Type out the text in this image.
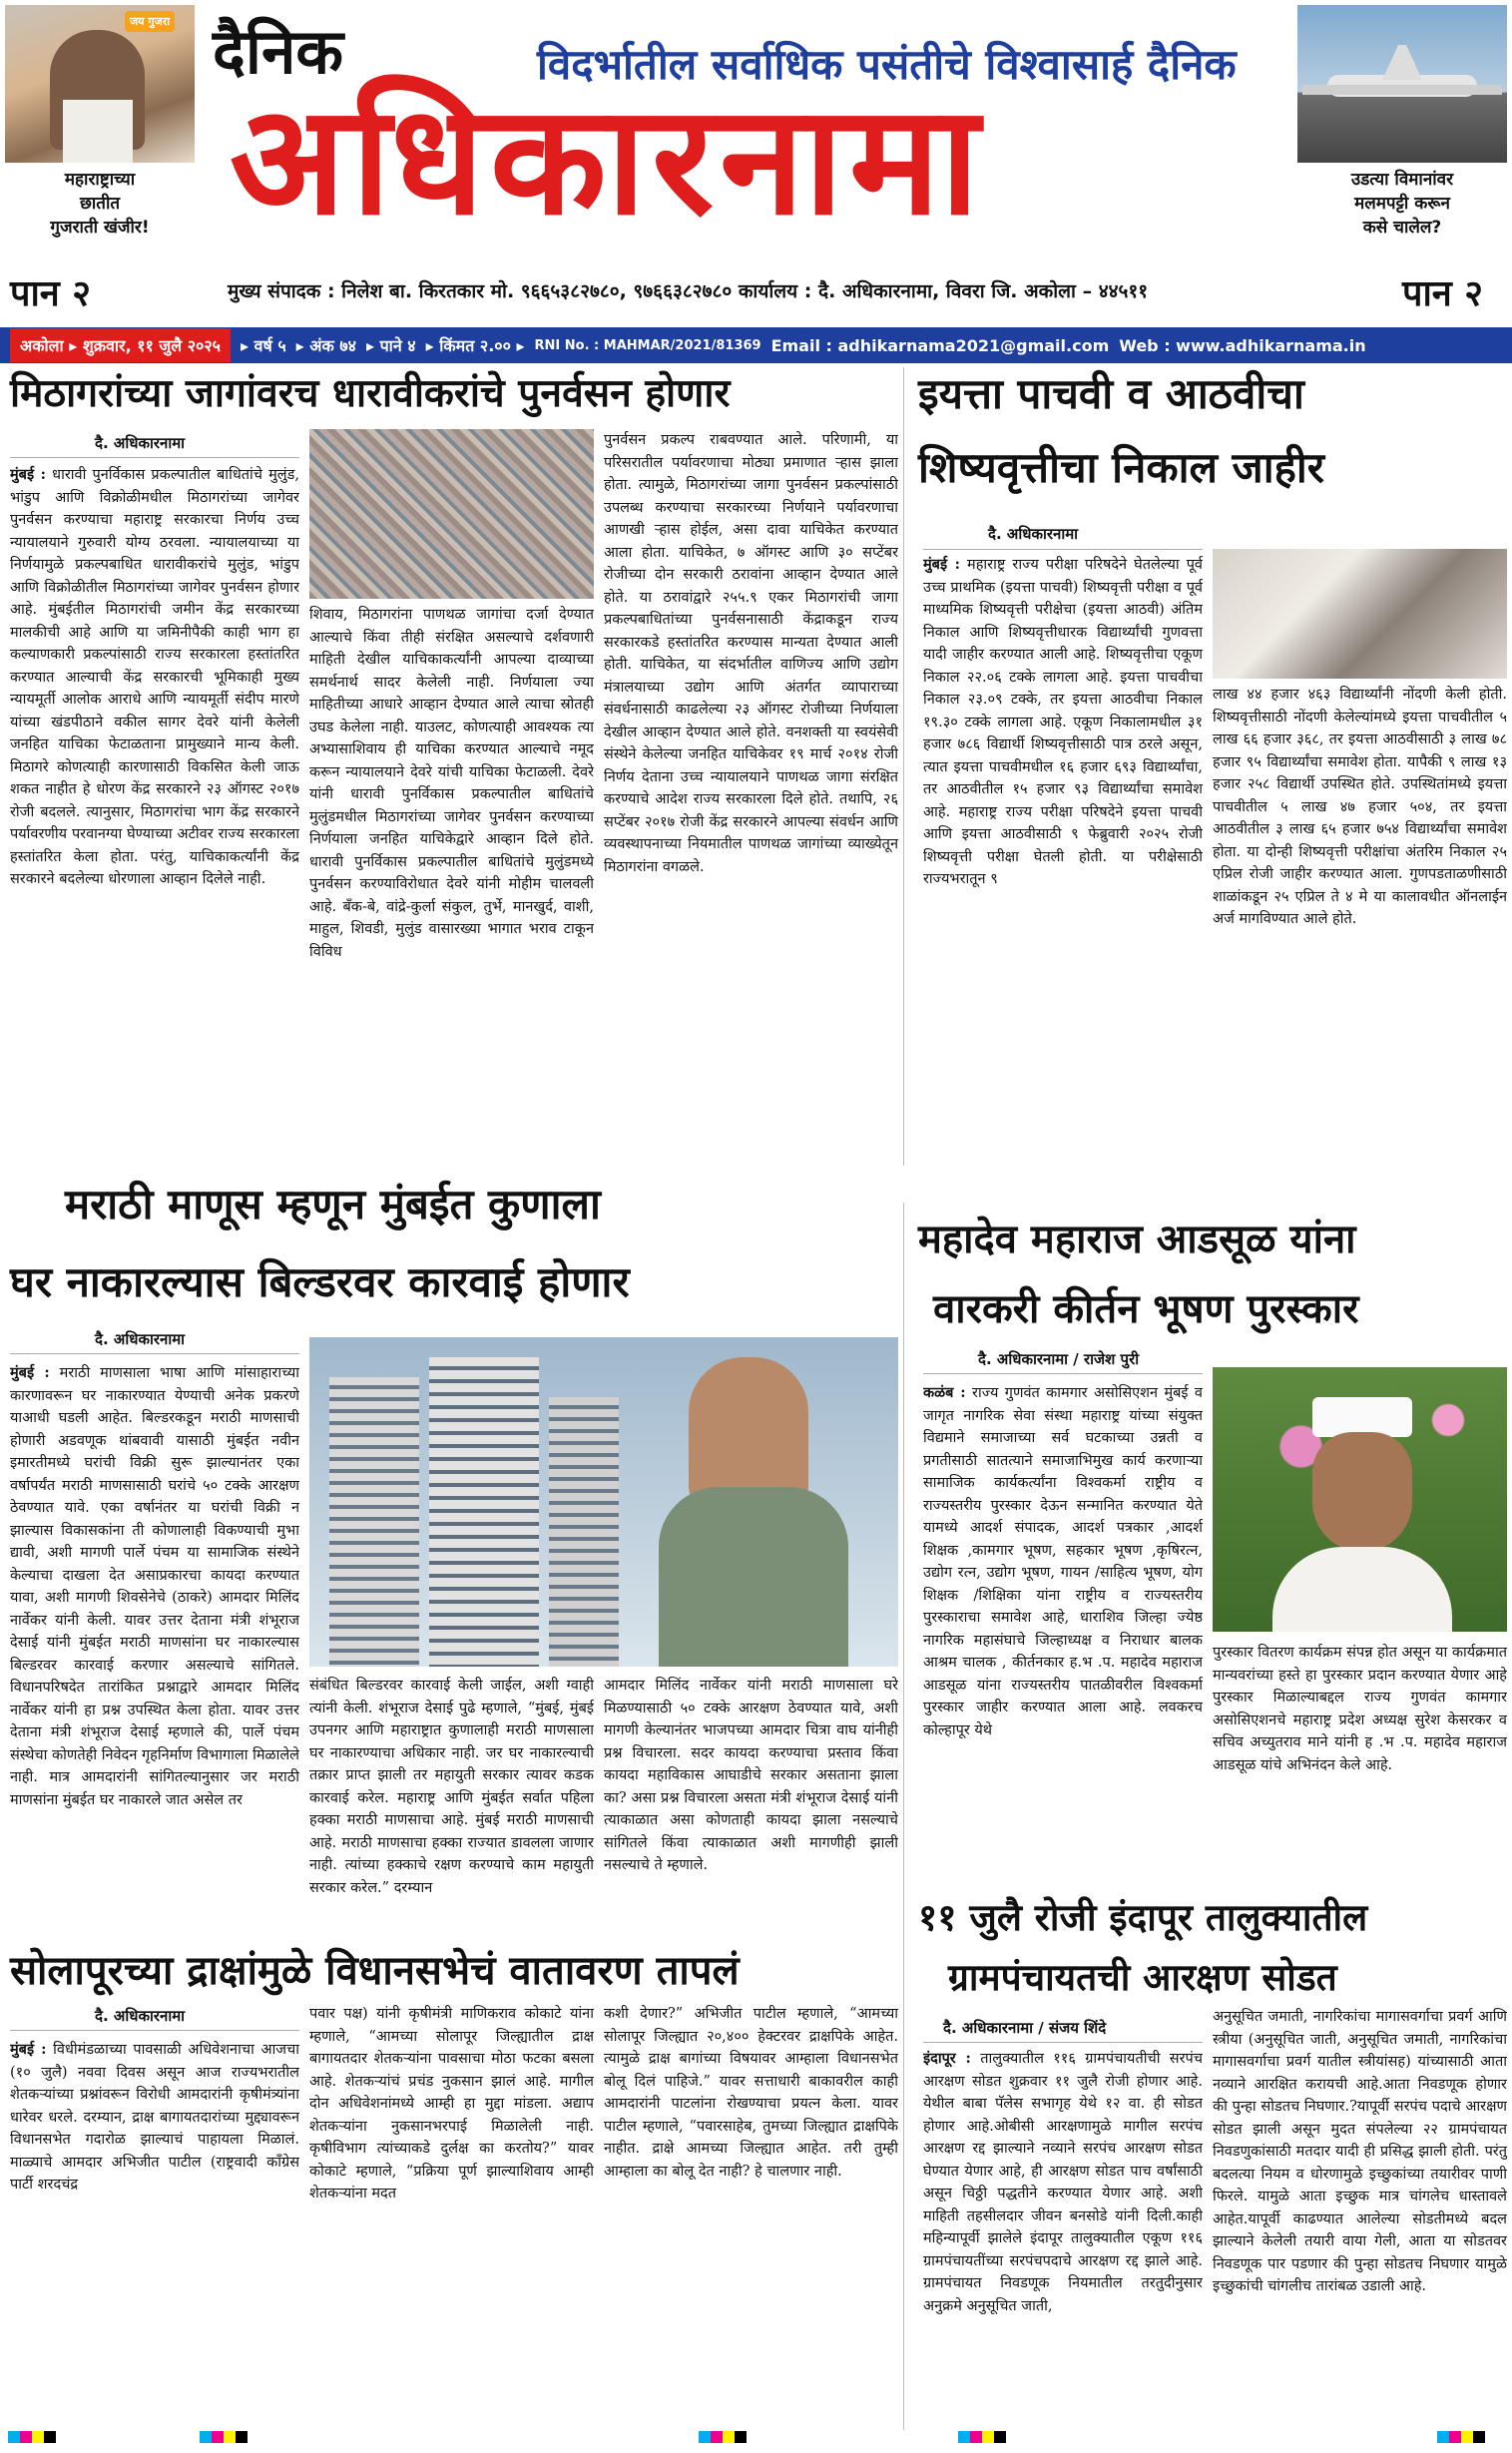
जय गुजरा
महाराष्ट्राच्या
छातीत
गुजराती खंजीर!
दैनिक	विदर्भातील सर्वाधिक पसंतीचे विश्वासार्ह दैनिक
अधिकारनामा	उडत्या विमानांवर
मलमपट्टी करून
कसे चालेल?
पान २	मुख्य संपादक : निलेश बा. किरतकार मो. ९६६५३८२७८०, ९७६६३८२७८० कार्यालय : दै. अधिकारनामा, विवरा जि. अकोला – ४४५११	पान २
अकोला ▸ शुक्रवार, ११ जुलै २०२५	▸ वर्ष ५ ▸ अंक ७४ ▸ पाने ४ ▸ किंमत २.०० ▸ RNI No. : MAHMAR/2021/81369 Email : adhikarnama2021@gmail.com Web : www.adhikarnama.in
मिठागरांच्या जागांवरच धारावीकरांचे पुनर्वसन होणार
दै. अधिकारनामा
मुंबई : धारावी पुनर्विकास प्रकल्पातील बाधितांचे मुलुंड, भांडुप आणि विक्रोळीमधील मिठागरांच्या जागेवर पुनर्वसन करण्याचा महाराष्ट्र सरकारचा निर्णय उच्च न्यायालयाने गुरुवारी योग्य ठरवला. न्यायालयाच्या या निर्णयामुळे प्रकल्पबाधित धारावीकरांचे मुलुंड, भांडुप आणि विक्रोळीतील मिठागरांच्या जागेवर पुनर्वसन होणार आहे. मुंबईतील मिठागरांची जमीन केंद्र सरकारच्या मालकीची आहे आणि या जमिनीपैकी काही भाग हा कल्याणकारी प्रकल्पांसाठी राज्य सरकारला हस्तांतरित करण्यात आल्याची केंद्र सरकारची भूमिकाही मुख्य न्यायमूर्ती आलोक आराधे आणि न्यायमूर्ती संदीप मारणे यांच्या खंडपीठाने वकील सागर देवरे यांनी केलेली जनहित याचिका फेटाळताना प्रामुख्याने मान्य केली. मिठागरे कोणत्याही कारणासाठी विकसित केली जाऊ शकत नाहीत हे धोरण केंद्र सरकारने २३ ऑगस्ट २०१७ रोजी बदलले. त्यानुसार, मिठागरांचा भाग केंद्र सरकारने पर्यावरणीय परवानग्या घेण्याच्या अटीवर राज्य सरकारला हस्तांतरित केला होता. परंतु, याचिकाकर्त्यांनी केंद्र सरकारने बदलेल्या धोरणाला आव्हान दिलेले नाही.
शिवाय, मिठागरांना पाणथळ जागांचा दर्जा देण्यात आल्याचे किंवा तीही संरक्षित असल्याचे दर्शवणारी माहिती देखील याचिकाकर्त्यांनी आपल्या दाव्याच्या समर्थनार्थ सादर केलेली नाही. निर्णयाला ज्या माहितीच्या आधारे आव्हान देण्यात आले त्याचा स्रोतही उघड केलेला नाही. याउलट, कोणत्याही आवश्यक त्या अभ्यासाशिवाय ही याचिका करण्यात आल्याचे नमूद करून न्यायालयाने देवरे यांची याचिका फेटाळली. देवरे यांनी धारावी पुनर्विकास प्रकल्पातील बाधितांचे मुलुंडमधील मिठागरांच्या जागेवर पुनर्वसन करण्याच्या निर्णयाला जनहित याचिकेद्वारे आव्हान दिले होते. धारावी पुनर्विकास प्रकल्पातील बाधितांचे मुलुंडमध्ये पुनर्वसन करण्याविरोधात देवरे यांनी मोहीम चालवली आहे. बँक-बे, वांद्रे-कुर्ला संकुल, तुर्भे, मानखुर्द, वाशी, माहुल, शिवडी, मुलुंड वासारख्या भागात भराव टाकून विविध
पुनर्वसन प्रकल्प राबवण्यात आले. परिणामी, या परिसरातील पर्यावरणाचा मोठ्या प्रमाणात ऱ्हास झाला होता. त्यामुळे, मिठागरांच्या जागा पुनर्वसन प्रकल्पांसाठी उपलब्ध करण्याचा सरकारच्या निर्णयाने पर्यावरणाचा आणखी ऱ्हास होईल, असा दावा याचिकेत करण्यात आला होता. याचिकेत, ७ ऑगस्ट आणि ३० सप्टेंबर रोजीच्या दोन सरकारी ठरावांना आव्हान देण्यात आले होते. या ठरावांद्वारे २५५.९ एकर मिठागरांची जागा प्रकल्पबाधितांच्या पुनर्वसनासाठी केंद्राकडून राज्य सरकारकडे हस्तांतरित करण्यास मान्यता देण्यात आली होती. याचिकेत, या संदर्भातील वाणिज्य आणि उद्योग मंत्रालयाच्या उद्योग आणि अंतर्गत व्यापाराच्या संवर्धनासाठी काढलेल्या २३ ऑगस्ट रोजीच्या निर्णयाला देखील आव्हान देण्यात आले होते. वनशक्ती या स्वयंसेवी संस्थेने केलेल्या जनहित याचिकेवर १९ मार्च २०१४ रोजी निर्णय देताना उच्च न्यायालयाने पाणथळ जागा संरक्षित करण्याचे आदेश राज्य सरकारला दिले होते. तथापि, २६ सप्टेंबर २०१७ रोजी केंद्र सरकारने आपल्या संवर्धन आणि व्यवस्थापनाच्या नियमातील पाणथळ जागांच्या व्याख्येतून मिठागरांना वगळले.
इयत्ता पाचवी व आठवीचा
शिष्यवृत्तीचा निकाल जाहीर
दै. अधिकारनामा
मुंबई : महाराष्ट्र राज्य परीक्षा परिषदेने घेतलेल्या पूर्व उच्च प्राथमिक (इयत्ता पाचवी) शिष्यवृत्ती परीक्षा व पूर्व माध्यमिक शिष्यवृत्ती परीक्षेचा (इयत्ता आठवी) अंतिम निकाल आणि शिष्यवृत्तीधारक विद्यार्थ्यांची गुणवत्ता यादी जाहीर करण्यात आली आहे. शिष्यवृत्तीचा एकूण निकाल २२.०६ टक्के लागला आहे. इयत्ता पाचवीचा निकाल २३.०९ टक्के, तर इयत्ता आठवीचा निकाल १९.३० टक्के लागला आहे. एकूण निकालामधील ३१ हजार ७८६ विद्यार्थी शिष्यवृत्तीसाठी पात्र ठरले असून, त्यात इयत्ता पाचवीमधील १६ हजार ६९३ विद्यार्थ्यांचा, तर आठवीतील १५ हजार ९३ विद्यार्थ्यांचा समावेश आहे. महाराष्ट्र राज्य परीक्षा परिषदेने इयत्ता पाचवी आणि इयत्ता आठवीसाठी ९ फेब्रुवारी २०२५ रोजी शिष्यवृत्ती परीक्षा घेतली होती. या परीक्षेसाठी राज्यभरातून ९
लाख ४४ हजार ४६३ विद्यार्थ्यांनी नोंदणी केली होती. शिष्यवृत्तीसाठी नोंदणी केलेल्यांमध्ये इयत्ता पाचवीतील ५ लाख ६६ हजार ३६८, तर इयत्ता आठवीसाठी ३ लाख ७८ हजार ९५ विद्यार्थ्यांचा समावेश होता. यापैकी ९ लाख १३ हजार २५८ विद्यार्थी उपस्थित होते. उपस्थितांमध्ये इयत्ता पाचवीतील ५ लाख ४७ हजार ५०४, तर इयत्ता आठवीतील ३ लाख ६५ हजार ७५४ विद्यार्थ्यांचा समावेश होता. या दोन्ही शिष्यवृत्ती परीक्षांचा अंतरिम निकाल २५ एप्रिल रोजी जाहीर करण्यात आला. गुणपडताळणीसाठी शाळांकडून २५ एप्रिल ते ४ मे या कालावधीत ऑनलाईन अर्ज मागविण्यात आले होते.
मराठी माणूस म्हणून मुंबईत कुणाला
घर नाकारल्यास बिल्डरवर कारवाई होणार
दै. अधिकारनामा
मुंबई : मराठी माणसाला भाषा आणि मांसाहाराच्या कारणावरून घर नाकारण्यात येण्याची अनेक प्रकरणे याआधी घडली आहेत. बिल्डरकडून मराठी माणसाची होणारी अडवणूक थांबवावी यासाठी मुंबईत नवीन इमारतीमध्ये घरांची विक्री सुरू झाल्यानंतर एका वर्षापर्यंत मराठी माणसासाठी घरांचे ५० टक्के आरक्षण ठेवण्यात यावे. एका वर्षानंतर या घरांची विक्री न झाल्यास विकासकांना ती कोणालाही विकण्याची मुभा द्यावी, अशी मागणी पार्ले पंचम या सामाजिक संस्थेने केल्याचा दाखला देत असाप्रकारचा कायदा करण्यात यावा, अशी मागणी शिवसेनेचे (ठाकरे) आमदार मिलिंद नार्वेकर यांनी केली. यावर उत्तर देताना मंत्री शंभूराज देसाई यांनी मुंबईत मराठी माणसांना घर नाकारल्यास बिल्डरवर कारवाई करणार असल्याचे सांगितले. विधानपरिषदेत तारांकित प्रश्नाद्वारे आमदार मिलिंद नार्वेकर यांनी हा प्रश्न उपस्थित केला होता. यावर उत्तर देताना मंत्री शंभूराज देसाई म्हणाले की, पार्ले पंचम संस्थेचा कोणतेही निवेदन गृहनिर्माण विभागाला मिळालेले नाही. मात्र आमदारांनी सांगितल्यानुसार जर मराठी माणसांना मुंबईत घर नाकारले जात असेल तर
संबंधित बिल्डरवर कारवाई केली जाईल, अशी ग्वाही त्यांनी केली. शंभूराज देसाई पुढे म्हणाले, “मुंबई, मुंबई उपनगर आणि महाराष्ट्रात कुणालाही मराठी माणसाला घर नाकारण्याचा अधिकार नाही. जर घर नाकारल्याची तक्रार प्राप्त झाली तर महायुती सरकार त्यावर कडक कारवाई करेल. महाराष्ट्र आणि मुंबईत सर्वात पहिला हक्का मराठी माणसाचा आहे. मुंबई मराठी माणसाची आहे. मराठी माणसाचा हक्का राज्यात डावलला जाणार नाही. त्यांच्या हक्काचे रक्षण करण्याचे काम महायुती सरकार करेल.” दरम्यान
आमदार मिलिंद नार्वेकर यांनी मराठी माणसाला घरे मिळण्यासाठी ५० टक्के आरक्षण ठेवण्यात यावे, अशी मागणी केल्यानंतर भाजपच्या आमदार चित्रा वाघ यांनीही प्रश्न विचारला. सदर कायदा करण्याचा प्रस्ताव किंवा कायदा महाविकास आघाडीचे सरकार असताना झाला का? असा प्रश्न विचारला असता मंत्री शंभूराज देसाई यांनी त्याकाळात असा कोणताही कायदा झाला नसल्याचे सांगितले किंवा त्याकाळात अशी मागणीही झाली नसल्याचे ते म्हणाले.
महादेव महाराज आडसूळ यांना
वारकरी कीर्तन भूषण पुरस्कार
दै. अधिकारनामा / राजेश पुरी
कळंब : राज्य गुणवंत कामगार असोसिएशन मुंबई व जागृत नागरिक सेवा संस्था महाराष्ट्र यांच्या संयुक्त विद्यमाने समाजाच्या सर्व घटकाच्या उन्नती व प्रगतीसाठी सातत्याने समाजाभिमुख कार्य करणाऱ्या सामाजिक कार्यकर्त्यांना विश्वकर्मा राष्ट्रीय व राज्यस्तरीय पुरस्कार देऊन सन्मानित करण्यात येते यामध्ये आदर्श संपादक, आदर्श पत्रकार ,आदर्श शिक्षक ,कामगार भूषण, सहकार भूषण ,कृषिरत्न, उद्योग रत्न, उद्योग भूषण, गायन /साहित्य भूषण, योग शिक्षक /शिक्षिका यांना राष्ट्रीय व राज्यस्तरीय पुरस्काराचा समावेश आहे, धाराशिव जिल्हा ज्येष्ठ नागरिक महासंघाचे जिल्हाध्यक्ष व निराधार बालक आश्रम चालक , कीर्तनकार ह.भ .प. महादेव महाराज आडसूळ यांना राज्यस्तरीय पातळीवरील विश्वकर्मा पुरस्कार जाहीर करण्यात आला आहे. लवकरच कोल्हापूर येथे
पुरस्कार वितरण कार्यक्रम संपन्न होत असून या कार्यक्रमात मान्यवरांच्या हस्ते हा पुरस्कार प्रदान करण्यात येणार आहे पुरस्कार मिळाल्याबद्दल राज्य गुणवंत कामगार असोसिएशनचे महाराष्ट्र प्रदेश अध्यक्ष सुरेश केसरकर व सचिव अच्युतराव माने यांनी ह .भ .प. महादेव महाराज आडसूळ यांचे अभिनंदन केले आहे.
सोलापूरच्या द्राक्षांमुळे विधानसभेचं वातावरण तापलं
दै. अधिकारनामा
मुंबई : विधीमंडळाच्या पावसाळी अधिवेशनाचा आजचा (१० जुलै) नववा दिवस असून आज राज्यभरातील शेतकऱ्यांच्या प्रश्नांवरून विरोधी आमदारांनी कृषीमंत्र्यांना धारेवर धरले. दरम्यान, द्राक्ष बागायतदारांच्या मुद्द्यावरून विधानसभेत गदारोळ झाल्याचं पाहायला मिळालं. माळ्याचे आमदार अभिजीत पाटील (राष्ट्रवादी काँग्रेस पार्टी शरदचंद्र
पवार पक्ष) यांनी कृषीमंत्री माणिकराव कोकाटे यांना म्हणाले, “आमच्या सोलापूर जिल्ह्यातील द्राक्ष बागायतदार शेतकऱ्यांना पावसाचा मोठा फटका बसला आहे. शेतकऱ्यांचं प्रचंड नुकसान झालं आहे. मागील दोन अधिवेशनांमध्ये आम्ही हा मुद्दा मांडला. अद्याप शेतकऱ्यांना नुकसानभरपाई मिळालेली नाही. कृषीविभाग त्यांच्याकडे दुर्लक्ष का करतोय?” यावर कोकाटे म्हणाले, “प्रक्रिया पूर्ण झाल्याशिवाय आम्ही शेतकऱ्यांना मदत
कशी देणार?” अभिजीत पाटील म्हणाले, “आमच्या सोलापूर जिल्ह्यात २०,४०० हेक्टरवर द्राक्षपिके आहेत. त्यामुळे द्राक्ष बागांच्या विषयावर आम्हाला विधानसभेत बोलू दिलं पाहिजे.” यावर सत्ताधारी बाकावरील काही आमदारांनी पाटलांना रोखण्याचा प्रयत्न केला. यावर पाटील म्हणाले, “पवारसाहेब, तुमच्या जिल्ह्यात द्राक्षपिके नाहीत. द्राक्षे आमच्या जिल्ह्यात आहेत. तरी तुम्ही आम्हाला का बोलू देत नाही? हे चालणार नाही.
११ जुलै रोजी इंदापूर तालुक्यातील
ग्रामपंचायतची आरक्षण सोडत
दै. अधिकारनामा / संजय शिंदे
इंदापूर : तालुक्यातील ११६ ग्रामपंचायतीची सरपंच आरक्षण सोडत शुक्रवार ११ जुलै रोजी होणार आहे. येथील बाबा पॅलेस सभागृह येथे १२ वा. ही सोडत होणार आहे.ओबीसी आरक्षणामुळे मागील सरपंच आरक्षण रद्द झाल्याने नव्याने सरपंच आरक्षण सोडत घेण्यात येणार आहे, ही आरक्षण सोडत पाच वर्षांसाठी असून चिठ्ठी पद्धतीने करण्यात येणार आहे. अशी माहिती तहसीलदार जीवन बनसोडे यांनी दिली.काही महिन्यापूर्वी झालेले इंदापूर तालुक्यातील एकूण ११६ ग्रामपंचायतींच्या सरपंचपदाचे आरक्षण रद्द झाले आहे. ग्रामपंचायत निवडणूक नियमातील तरतुदीनुसार अनुक्रमे अनुसूचित जाती,
अनुसूचित जमाती, नागरिकांचा मागासवर्गाचा प्रवर्ग आणि स्त्रीया (अनुसूचित जाती, अनुसूचित जमाती, नागरिकांचा मागासवर्गाचा प्रवर्ग यातील स्त्रीयांसह) यांच्यासाठी आता नव्याने आरक्षित करायची आहे.आता निवडणूक होणार की पुन्हा सोडतच निघणार.?यापूर्वी सरपंच पदाचे आरक्षण सोडत झाली असून मुदत संपलेल्या २२ ग्रामपंचायत निवडणुकांसाठी मतदार यादी ही प्रसिद्ध झाली होती. परंतु बदलत्या नियम व धोरणामुळे इच्छुकांच्या तयारीवर पाणी फिरले. यामुळे आता इच्छुक मात्र चांगलेच धास्तावले आहेत.यापूर्वी काढण्यात आलेल्या सोडतीमध्ये बदल झाल्याने केलेली तयारी वाया गेली, आता या सोडतवर निवडणूक पार पडणार की पुन्हा सोडतच निघणार यामुळे इच्छुकांची चांगलीच तारांबळ उडाली आहे.
